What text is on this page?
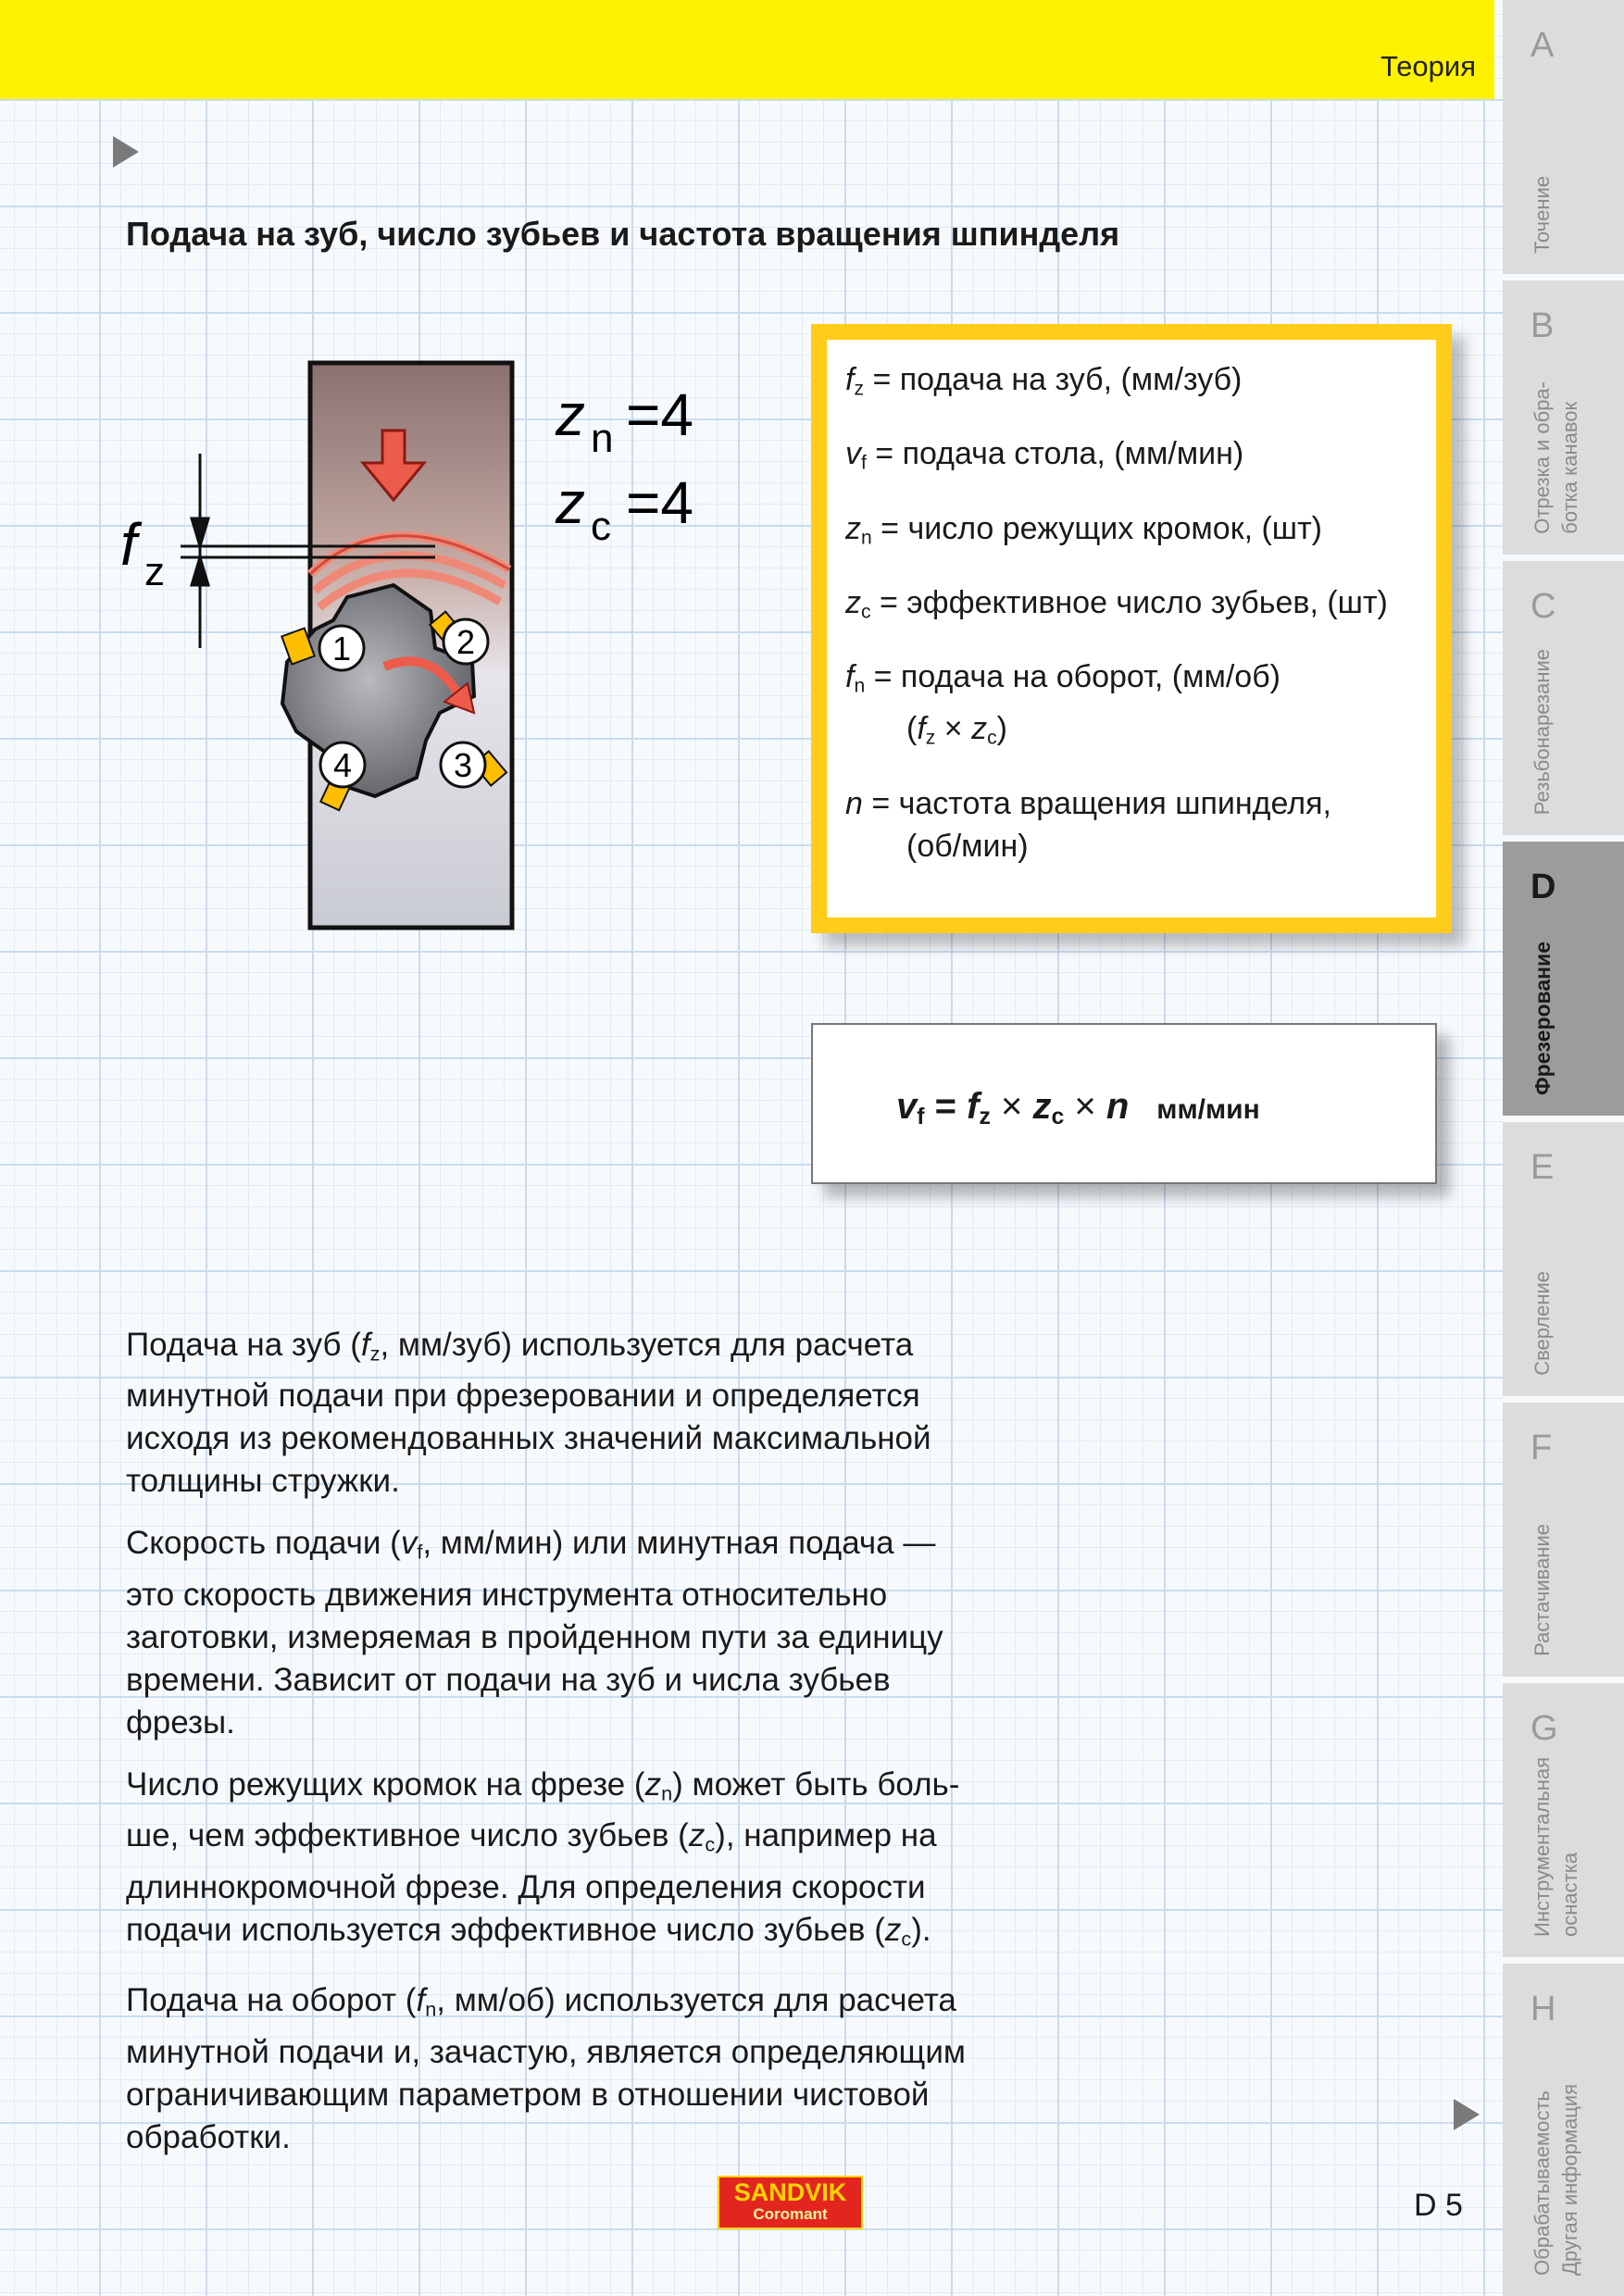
Теория
A
Точение
B
Отрезка и обра-
ботка канавок
C
Резьбонарезание
D
Фрезерование
E
Сверление
F
Растачивание
G
Инструментальная
оснастка
H
Обрабатываемость
Другая информация
Подача на зуб, число зубьев и частота вращения шпинделя
1	2
3
4
f z
z n =4
z c =4
$f_z$ = подача на зуб, (мм/зуб)
$v_f$ = подача стола, (мм/мин)
$z_n$ = число режущих кромок, (шт)
$z_c$ = эффективное число зубьев, (шт)
$f_n$ = подача на оборот, (мм/об)
$(f_z \times z_c)$
n = частота вращения шпинделя,
(об/мин)
$v_f = f_z \times z_c \times n$ мм/мин

Подача на зуб ($f_z$, мм/зуб) используется для расчета
минутной подачи при фрезеровании и определяется
исходя из рекомендованных значений максимальной
толщины стружки.

Скорость подачи ($v_f$, мм/мин) или минутная подача —
это скорость движения инструмента относительно
заготовки, измеряемая в пройденном пути за единицу
времени. Зависит от подачи на зуб и числа зубьев
фрезы.

Число режущих кромок на фрезе $(z_n)$ может быть боль-
ше, чем эффективное число зубьев $(z_c)$, например на
длиннокромочной фрезе. Для определения скорости
подачи используется эффективное число зубьев $(z_c)$.

Подача на оборот ($f_n$, мм/об) используется для расчета
минутной подачи и, зачастую, является определяющим
ограничивающим параметром в отношении чистовой
обработки.

SANDVIK
Coromant	D 5
